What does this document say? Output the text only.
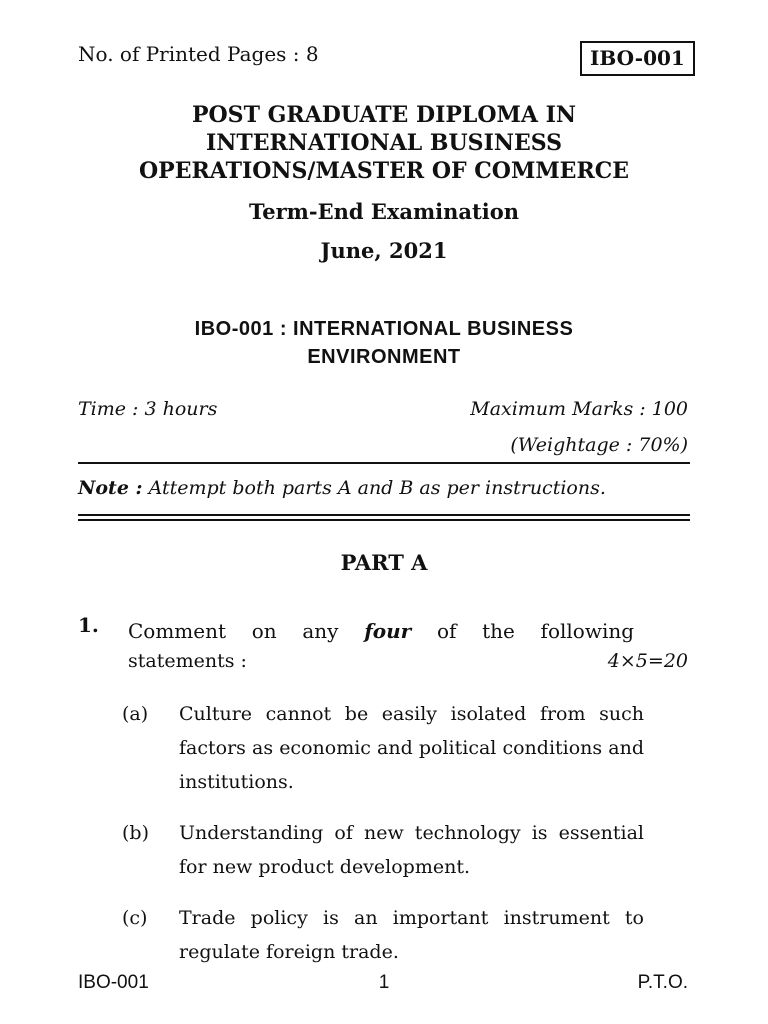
No. of Printed Pages : 8	IBO-001
POST GRADUATE DIPLOMA IN
INTERNATIONAL BUSINESS
OPERATIONS/MASTER OF COMMERCE
Term-End Examination
June, 2021
IBO-001 : INTERNATIONAL BUSINESS
ENVIRONMENT
Time : 3 hours	Maximum Marks : 100
(Weightage : 70%)
Note : Attempt both parts A and B as per instructions.
PART A
1. Comment on any four of the following
statements :	4×5=20
(a) Culture cannot be easily isolated from such factors as economic and political conditions and institutions.
(b) Understanding of new technology is essential for new product development.
(c) Trade policy is an important instrument to regulate foreign trade.
IBO-001	1	P.T.O.
